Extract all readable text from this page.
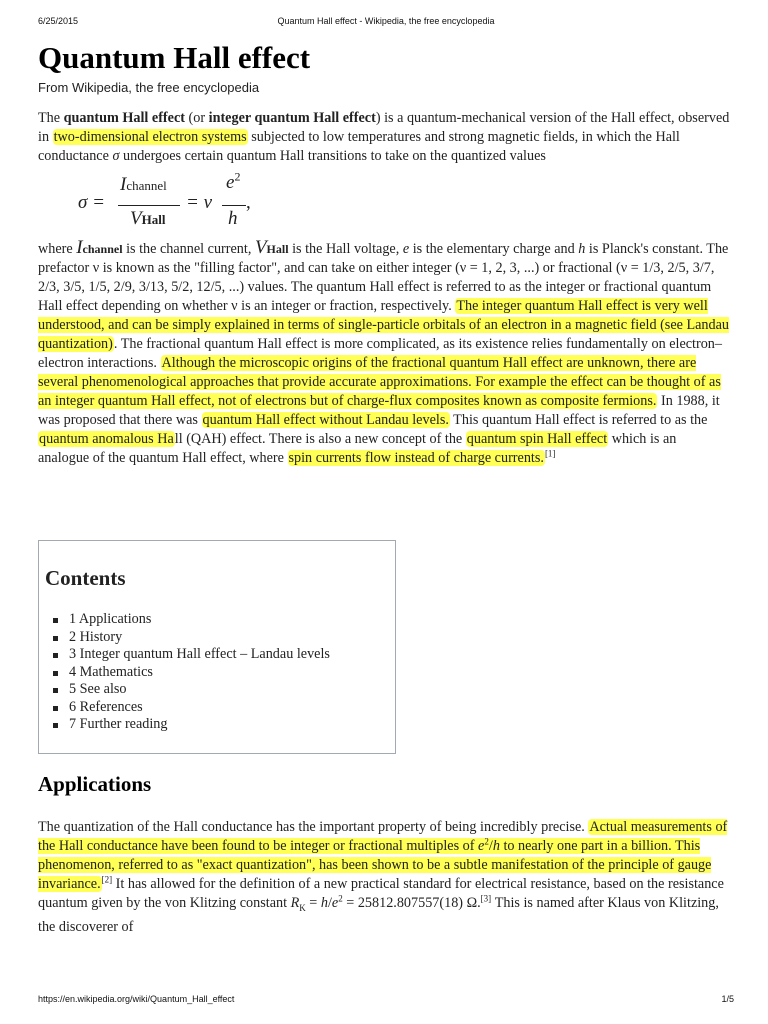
6/25/2015	Quantum Hall effect - Wikipedia, the free encyclopedia
Quantum Hall effect
From Wikipedia, the free encyclopedia

The quantum Hall effect (or integer quantum Hall effect) is a quantum-mechanical version of the Hall effect, observed in two-dimensional electron systems subjected to low temperatures and strong magnetic fields, in which the Hall conductance σ undergoes certain quantum Hall transitions to take on the quantized values

σ =
Ichannel
VHall
= ν
$e^2$
h
,

where Ichannel is the channel current, VHall is the Hall voltage, e is the elementary charge and h is Planck's constant. The prefactor ν is known as the "filling factor", and can take on either integer (ν = 1, 2, 3, ...) or fractional (ν = 1/3, 2/5, 3/7, 2/3, 3/5, 1/5, 2/9, 3/13, 5/2, 12/5, ...) values. The quantum Hall effect is referred to as the integer or fractional quantum Hall effect depending on whether ν is an integer or fraction, respectively. The integer quantum Hall effect is very well understood, and can be simply explained in terms of single-particle orbitals of an electron in a magnetic field (see Landau quantization). The fractional quantum Hall effect is more complicated, as its existence relies fundamentally on electron–electron interactions. Although the microscopic origins of the fractional quantum Hall effect are unknown, there are several phenomenological approaches that provide accurate approximations. For example the effect can be thought of as an integer quantum Hall effect, not of electrons but of charge-flux composites known as composite fermions. In 1988, it was proposed that there was quantum Hall effect without Landau levels. This quantum Hall effect is referred to as the quantum anomalous Hall (QAH) effect. There is also a new concept of the quantum spin Hall effect which is an analogue of the quantum Hall effect, where spin currents flow instead of charge currents.[1]

Contents
1 Applications
2 History
3 Integer quantum Hall effect – Landau levels
4 Mathematics
5 See also
6 References
7 Further reading
Applications

The quantization of the Hall conductance has the important property of being incredibly precise. Actual measurements of the Hall conductance have been found to be integer or fractional multiples of $e^2/h$ to nearly one part in a billion. This phenomenon, referred to as "exact quantization", has been shown to be a subtle manifestation of the principle of gauge invariance.[2] It has allowed for the definition of a new practical standard for electrical resistance, based on the resistance quantum given by the von Klitzing constant $R_K = h/e^2 = 25812.807557(18)$ Ω.[3] This is named after Klaus von Klitzing, the discoverer of

https://en.wikipedia.org/wiki/Quantum_Hall_effect	1/5
